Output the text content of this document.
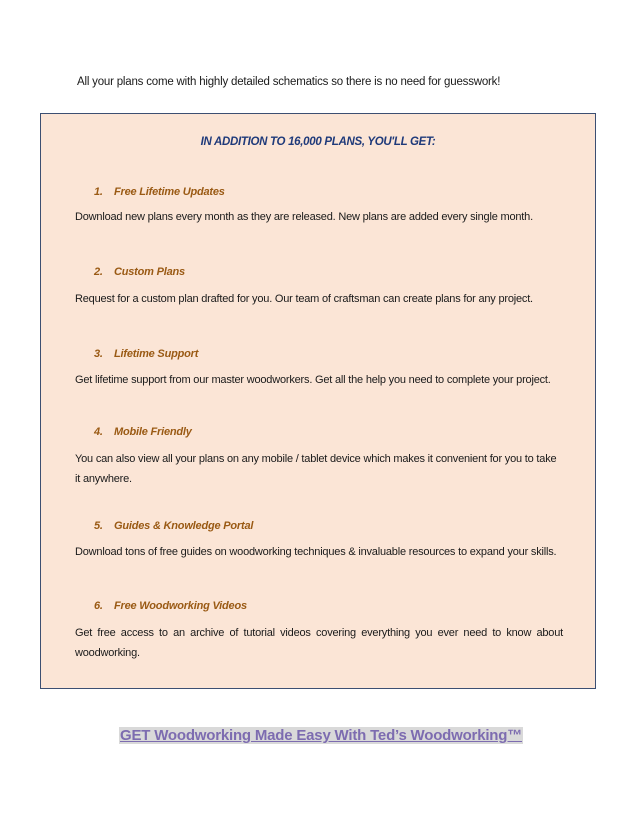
All your plans come with highly detailed schematics so there is no need for guesswork!
IN ADDITION TO 16,000 PLANS, YOU'LL GET:
1. Free Lifetime Updates
Download new plans every month as they are released. New plans are added every single month.
2. Custom Plans
Request for a custom plan drafted for you. Our team of craftsman can create plans for any project.
3. Lifetime Support
Get lifetime support from our master woodworkers. Get all the help you need to complete your project.
4. Mobile Friendly
You can also view all your plans on any mobile / tablet device which makes it convenient for you to take it anywhere.
5. Guides & Knowledge Portal
Download tons of free guides on woodworking techniques & invaluable resources to expand your skills.
6. Free Woodworking Videos
Get free access to an archive of tutorial videos covering everything you ever need to know about woodworking.
GET Woodworking Made Easy With Ted’s Woodworking™
